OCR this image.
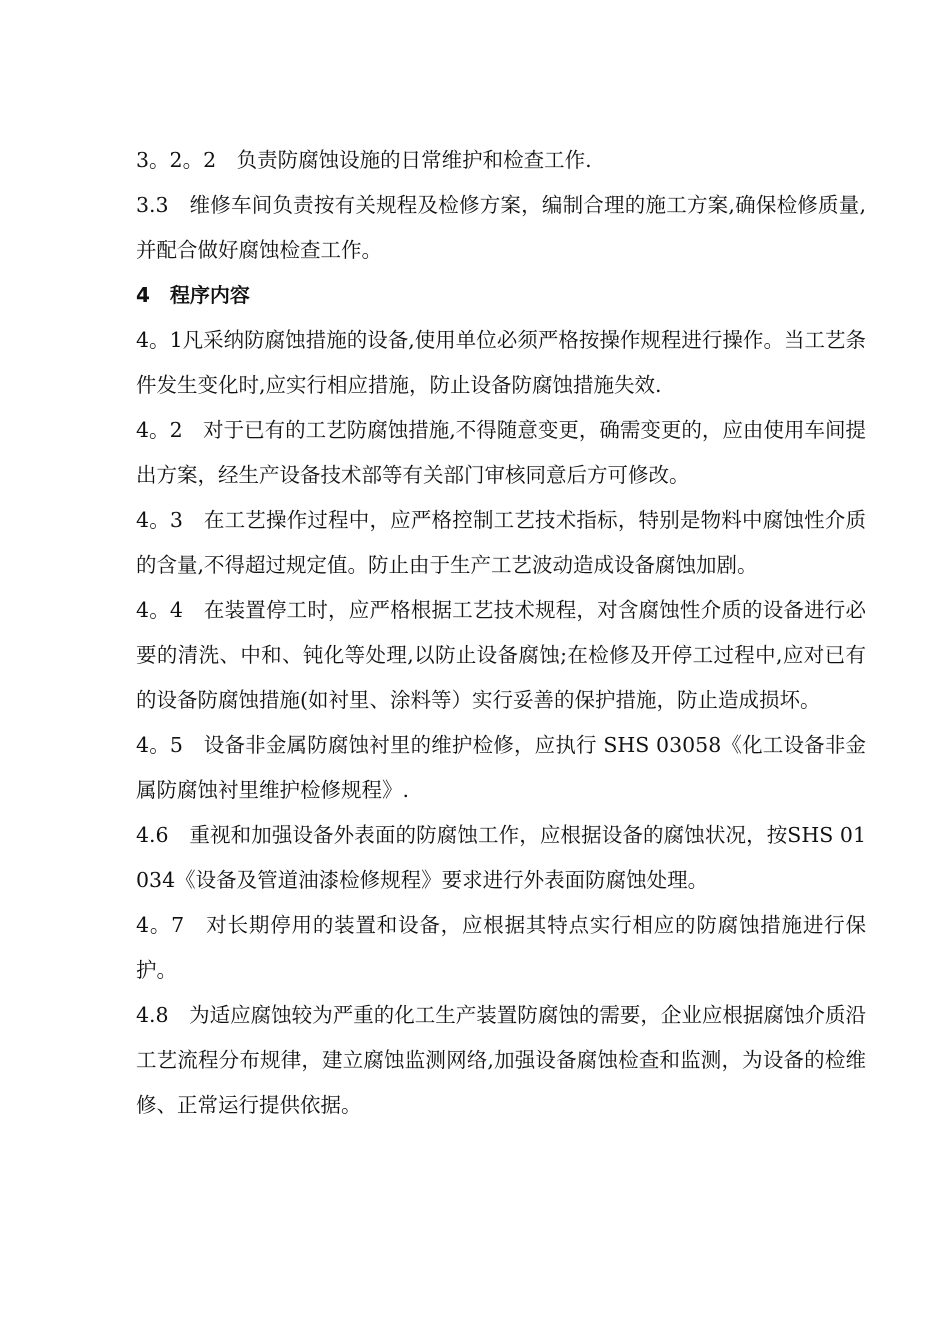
3。2。2　负责防腐蚀设施的日常维护和检查工作.

3.3　维修车间负责按有关规程及检修方案，编制合理的施工方案,确保检修质量,并配合做好腐蚀检查工作。

4　程序内容

4。1凡采纳防腐蚀措施的设备,使用单位必须严格按操作规程进行操作。当工艺条件发生变化时,应实行相应措施，防止设备防腐蚀措施失效.

4。2　对于已有的工艺防腐蚀措施,不得随意变更，确需变更的，应由使用车间提出方案，经生产设备技术部等有关部门审核同意后方可修改。

4。3　在工艺操作过程中，应严格控制工艺技术指标，特别是物料中腐蚀性介质的含量,不得超过规定值。防止由于生产工艺波动造成设备腐蚀加剧。

4。4　在装置停工时，应严格根据工艺技术规程，对含腐蚀性介质的设备进行必要的清洗、中和、钝化等处理,以防止设备腐蚀;在检修及开停工过程中,应对已有的设备防腐蚀措施(如衬里、涂料等）实行妥善的保护措施，防止造成损坏。

4。5　设备非金属防腐蚀衬里的维护检修，应执行 SHS 03058《化工设备非金属防腐蚀衬里维护检修规程》.

4.6　重视和加强设备外表面的防腐蚀工作，应根据设备的腐蚀状况，按SHS 01034《设备及管道油漆检修规程》要求进行外表面防腐蚀处理。

4。7　对长期停用的装置和设备，应根据其特点实行相应的防腐蚀措施进行保护。

4.8　为适应腐蚀较为严重的化工生产装置防腐蚀的需要，企业应根据腐蚀介质沿工艺流程分布规律，建立腐蚀监测网络,加强设备腐蚀检查和监测，为设备的检维修、正常运行提供依据。
